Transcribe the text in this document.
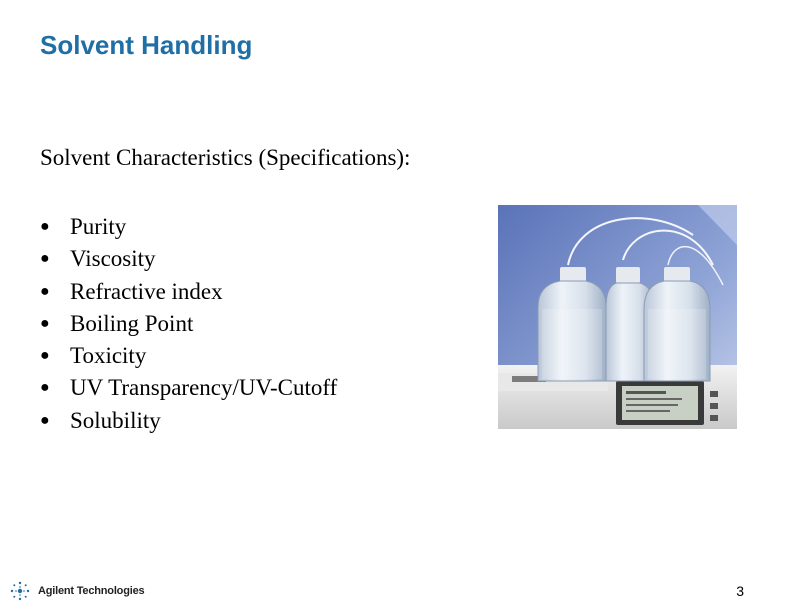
Solvent Handling
Solvent Characteristics (Specifications):
● Purity
● Viscosity
● Refractive index
● Boiling Point
● Toxicity
● UV Transparency/UV-Cutoff
● Solubility
Agilent Technologies	3
